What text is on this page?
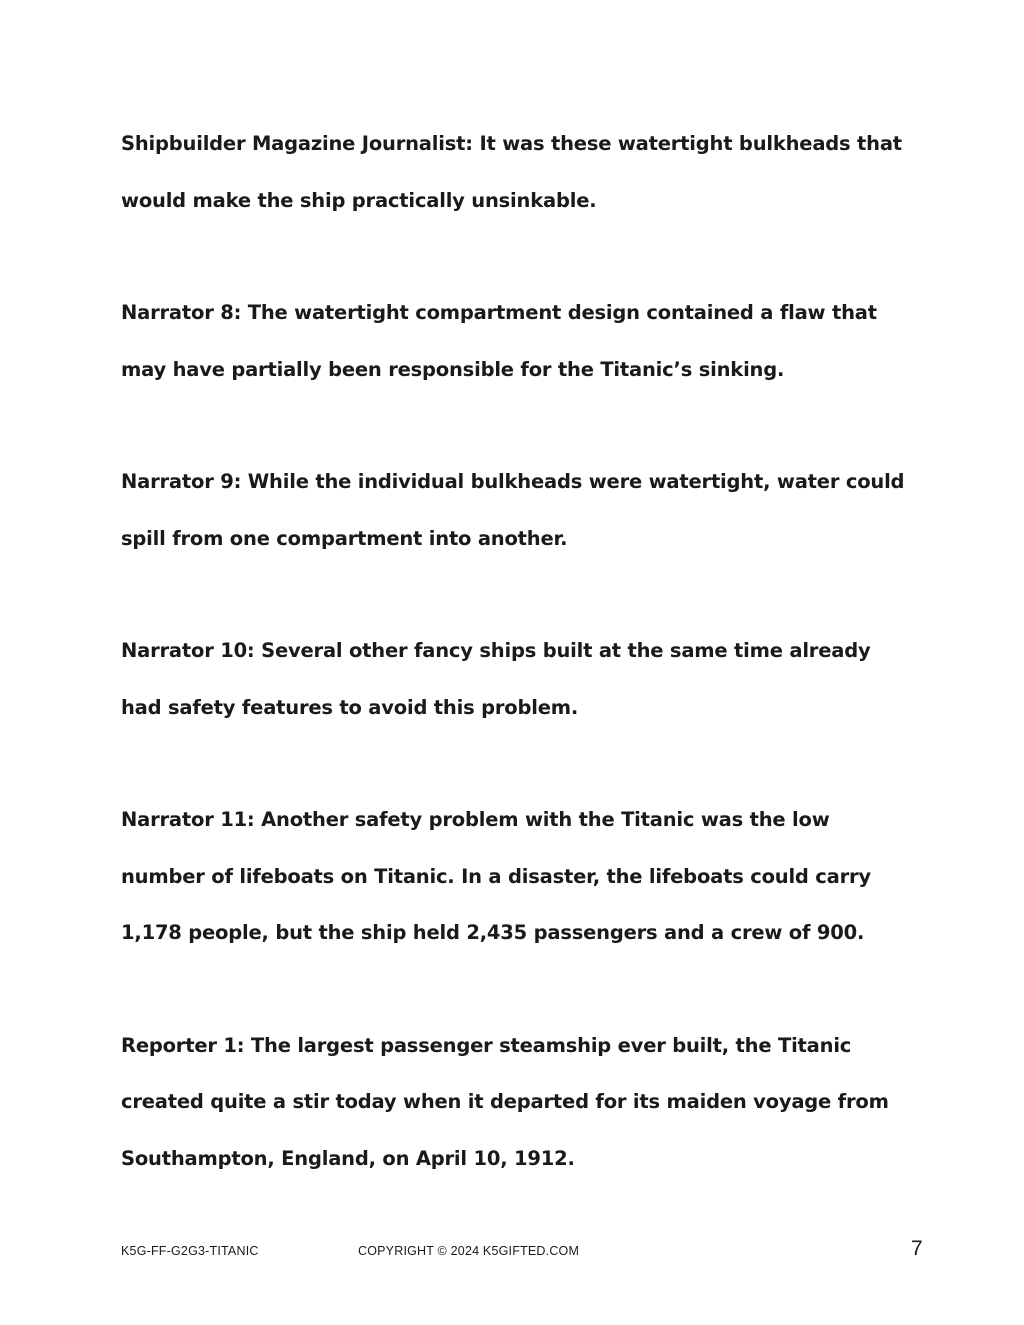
Shipbuilder Magazine Journalist: It was these watertight bulkheads that would make the ship practically unsinkable.

Narrator 8: The watertight compartment design contained a flaw that may have partially been responsible for the Titanic’s sinking.

Narrator 9: While the individual bulkheads were watertight, water could spill from one compartment into another.

Narrator 10: Several other fancy ships built at the same time already had safety features to avoid this problem.

Narrator 11: Another safety problem with the Titanic was the low number of lifeboats on Titanic. In a disaster, the lifeboats could carry 1,178 people, but the ship held 2,435 passengers and a crew of 900.

Reporter 1: The largest passenger steamship ever built, the Titanic created quite a stir today when it departed for its maiden voyage from Southampton, England, on April 10, 1912.

K5G-FF-G2G3-TITANIC	COPYRIGHT © 2024 K5GIFTED.COM	7
